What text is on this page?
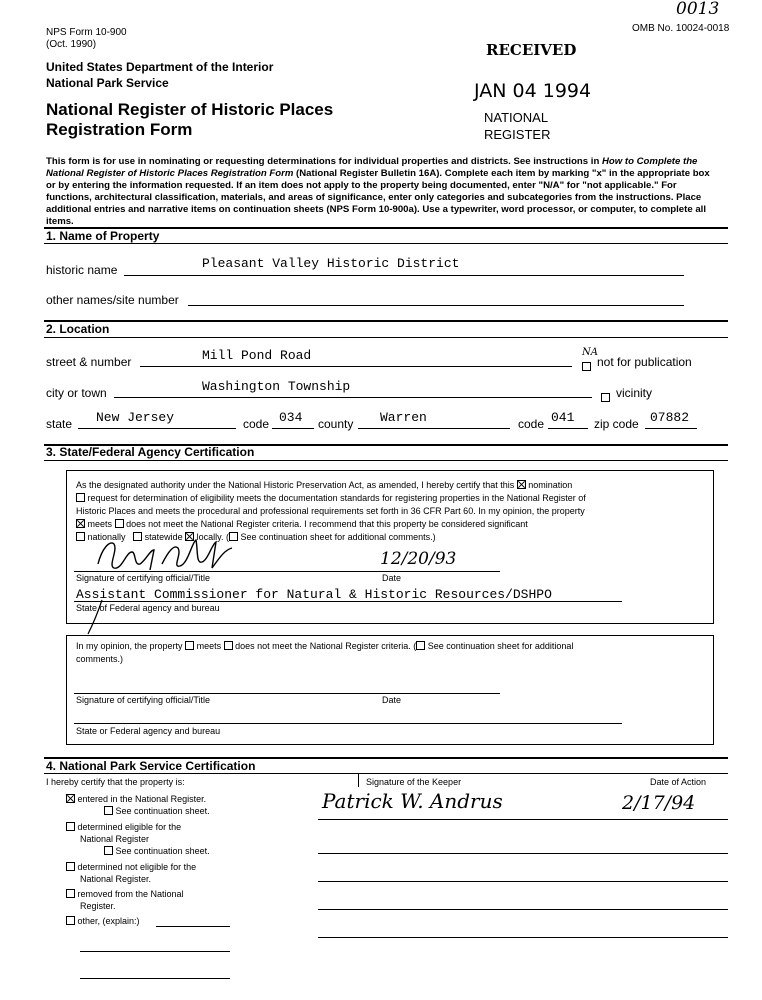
NPS Form 10-900
(Oct. 1990)
OMB No. 10024-0018
0013
United States Department of the Interior
National Park Service
National Register of Historic Places
Registration Form
RECEIVED
JAN 04 1994
NATIONAL
REGISTER
This form is for use in nominating or requesting determinations for individual properties and districts. See instructions in How to Complete the National Register of Historic Places Registration Form (National Register Bulletin 16A). Complete each item by marking "x" in the appropriate box or by entering the information requested. If an item does not apply to the property being documented, enter "N/A" for "not applicable." For functions, architectural classification, materials, and areas of significance, enter only categories and subcategories from the instructions. Place additional entries and narrative items on continuation sheets (NPS Form 10-900a). Use a typewriter, word processor, or computer, to complete all items.
1. Name of Property
historic name	Pleasant Valley Historic District
other names/site number
2. Location
street & number	Mill Pond Road	NA
not for publication
city or town	Washington Township	vicinity
state New Jersey	code 034 county Warren	code 041 zip code 07882
3. State/Federal Agency Certification
As the designated authority under the National Historic Preservation Act, as amended, I hereby certify that this nomination
request for determination of eligibility meets the documentation standards for registering properties in the National Register of
Historic Places and meets the procedural and professional requirements set forth in 36 CFR Part 60. In my opinion, the property
meets does not meet the National Register criteria. I recommend that this property be considered significant
nationally statewide locally. ( See continuation sheet for additional comments.)
12/20/93
Signature of certifying official/Title	Date
Assistant Commissioner for Natural & Historic Resources/DSHPO
State of Federal agency and bureau
In my opinion, the property meets does not meet the National Register criteria. ( See continuation sheet for additional
comments.)
Signature of certifying official/Title	Date
State or Federal agency and bureau
4. National Park Service Certification
I hereby certify that the property is:	Signature of the Keeper	Date of Action
entered in the National Register.
See continuation sheet.	Patrick W. Andrus	2/17/94
determined eligible for the
National Register
See continuation sheet.
determined not eligible for the
National Register.
removed from the National
Register.
other, (explain:)
